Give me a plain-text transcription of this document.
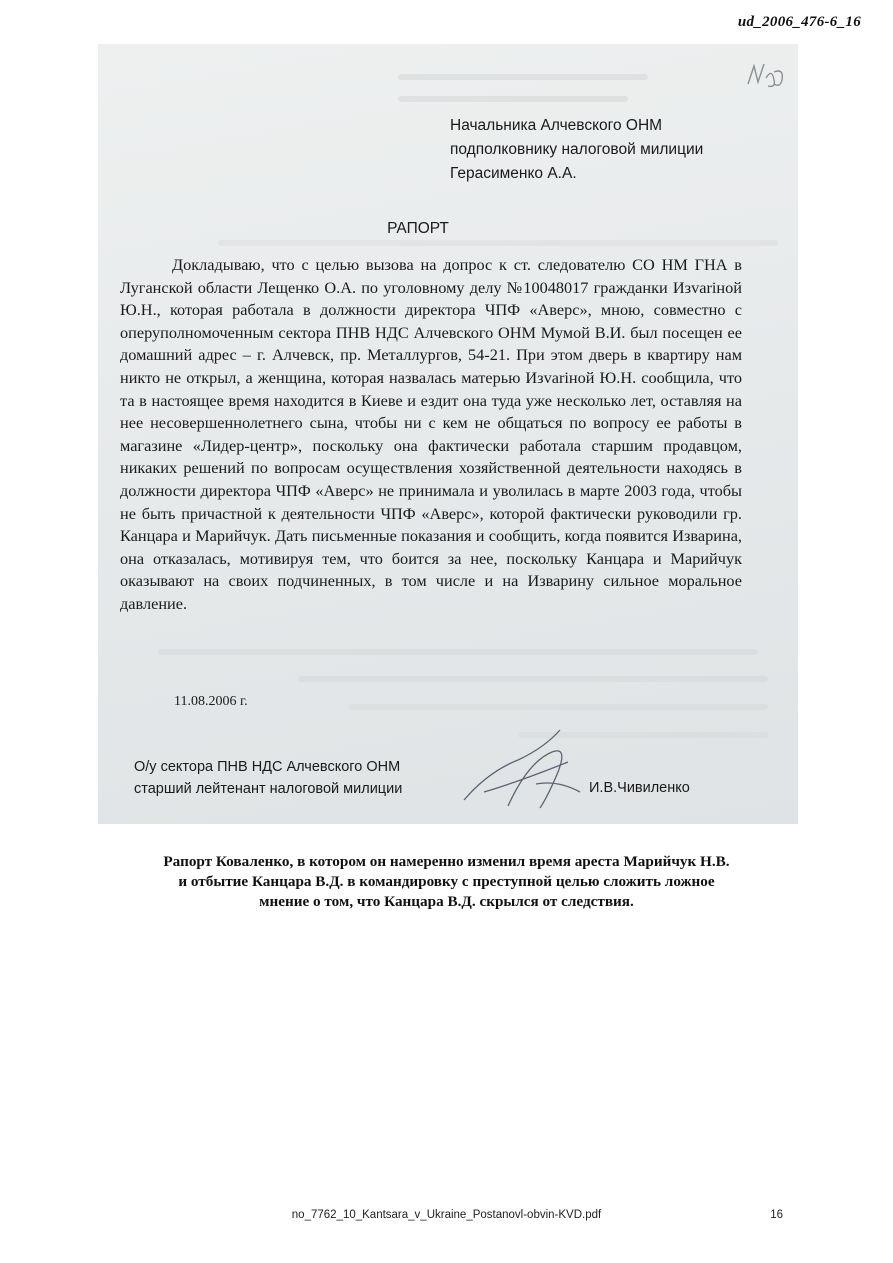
ud_2006_476-6_16
Начальника Алчевского ОНМ
подполковнику налоговой милиции
Герасименко А.А.
РАПОРТ
Докладываю, что с целью вызова на допрос к ст. следователю СО НМ ГНА в Луганской области Лещенко О.А. по уголовному делу №10048017 гражданки Изvariной Ю.Н., которая работала в должности директора ЧПФ «Аверс», мною, совместно с оперуполномоченным сектора ПНВ НДС Алчевского ОНМ Мумой В.И. был посещен ее домашний адрес – г. Алчевск, пр. Металлургов, 54-21. При этом дверь в квартиру нам никто не открыл, а женщина, которая назвалась матерью Изvariной Ю.Н. сообщила, что та в настоящее время находится в Киеве и ездит она туда уже несколько лет, оставляя на нее несовершеннолетнего сына, чтобы ни с кем не общаться по вопросу ее работы в магазине «Лидер-центр», поскольку она фактически работала старшим продавцом, никаких решений по вопросам осуществления хозяйственной деятельности находясь в должности директора ЧПФ «Аверс» не принимала и уволилась в марте 2003 года, чтобы не быть причастной к деятельности ЧПФ «Аверс», которой фактически руководили гр. Канцара и Марийчук. Дать письменные показания и сообщить, когда появится Изварина, она отказалась, мотивируя тем, что боится за нее, поскольку Канцара и Марийчук оказывают на своих подчиненных, в том числе и на Изварину сильное моральное давление.
11.08.2006 г.
О/у сектора ПНВ НДС Алчевского ОНМ
старший лейтенант налоговой милиции	И.В.Чивиленко
Рапорт Коваленко, в котором он намеренно изменил время ареста Марийчук Н.В.
и отбытие Канцара В.Д. в командировку с преступной целью сложить ложное
мнение о том, что Канцара В.Д. скрылся от следствия.
no_7762_10_Kantsara_v_Ukraine_Postanovl-obvin-KVD.pdf	16
